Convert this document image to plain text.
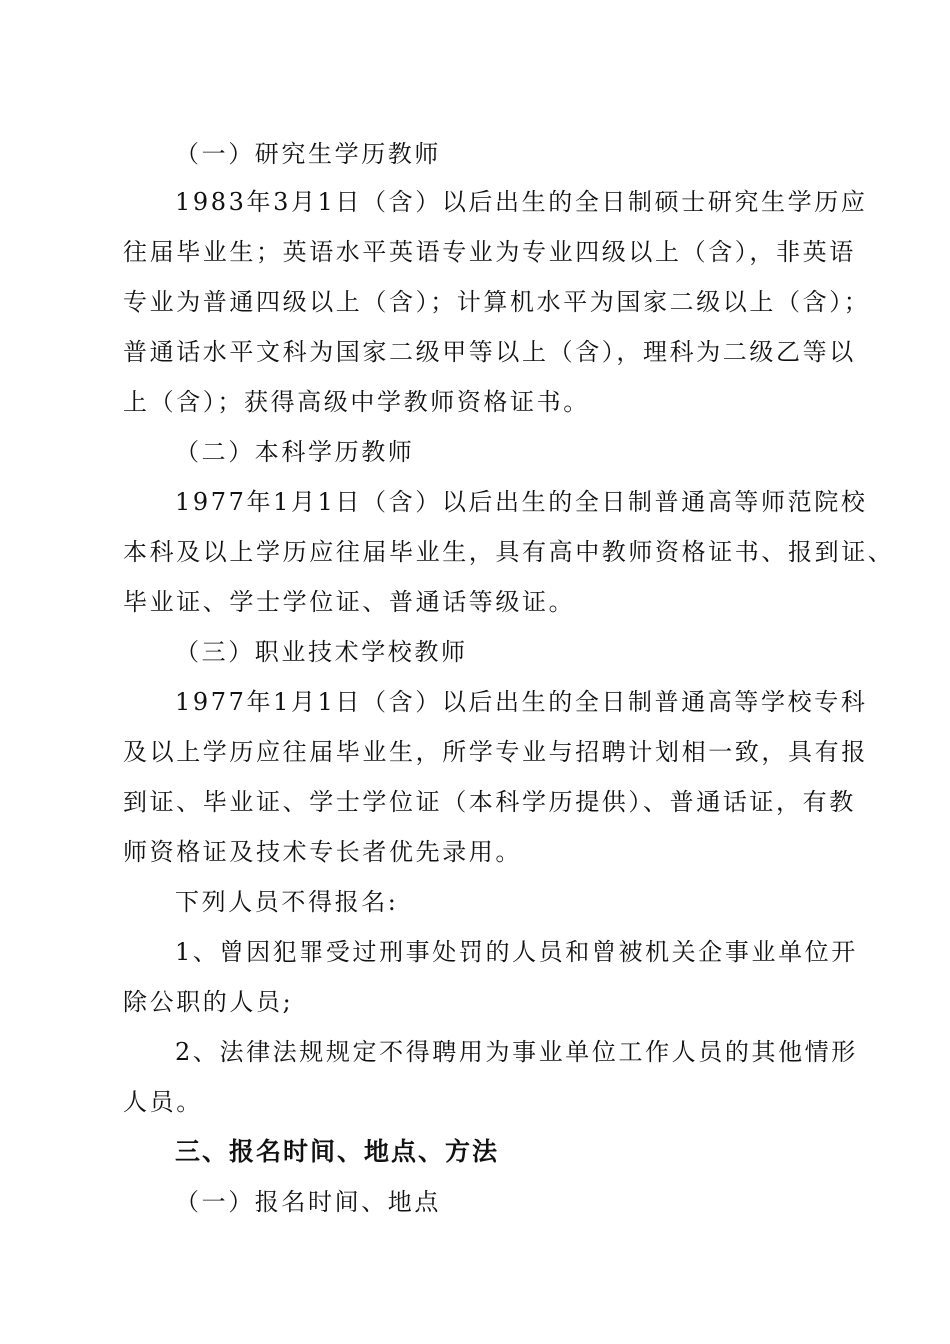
（一）研究生学历教师
1983年3月1日（含）以后出生的全日制硕士研究生学历应
往届毕业生；英语水平英语专业为专业四级以上（含），非英语
专业为普通四级以上（含）；计算机水平为国家二级以上（含）；
普通话水平文科为国家二级甲等以上（含），理科为二级乙等以
上（含）；获得高级中学教师资格证书。
（二）本科学历教师
1977年1月1日（含）以后出生的全日制普通高等师范院校
本科及以上学历应往届毕业生，具有高中教师资格证书、报到证、
毕业证、学士学位证、普通话等级证。
（三）职业技术学校教师
1977年1月1日（含）以后出生的全日制普通高等学校专科
及以上学历应往届毕业生，所学专业与招聘计划相一致，具有报
到证、毕业证、学士学位证（本科学历提供）、普通话证，有教
师资格证及技术专长者优先录用。
下列人员不得报名:
1、曾因犯罪受过刑事处罚的人员和曾被机关企事业单位开
除公职的人员;
2、法律法规规定不得聘用为事业单位工作人员的其他情形
人员。
三、报名时间、地点、方法
（一）报名时间、地点
